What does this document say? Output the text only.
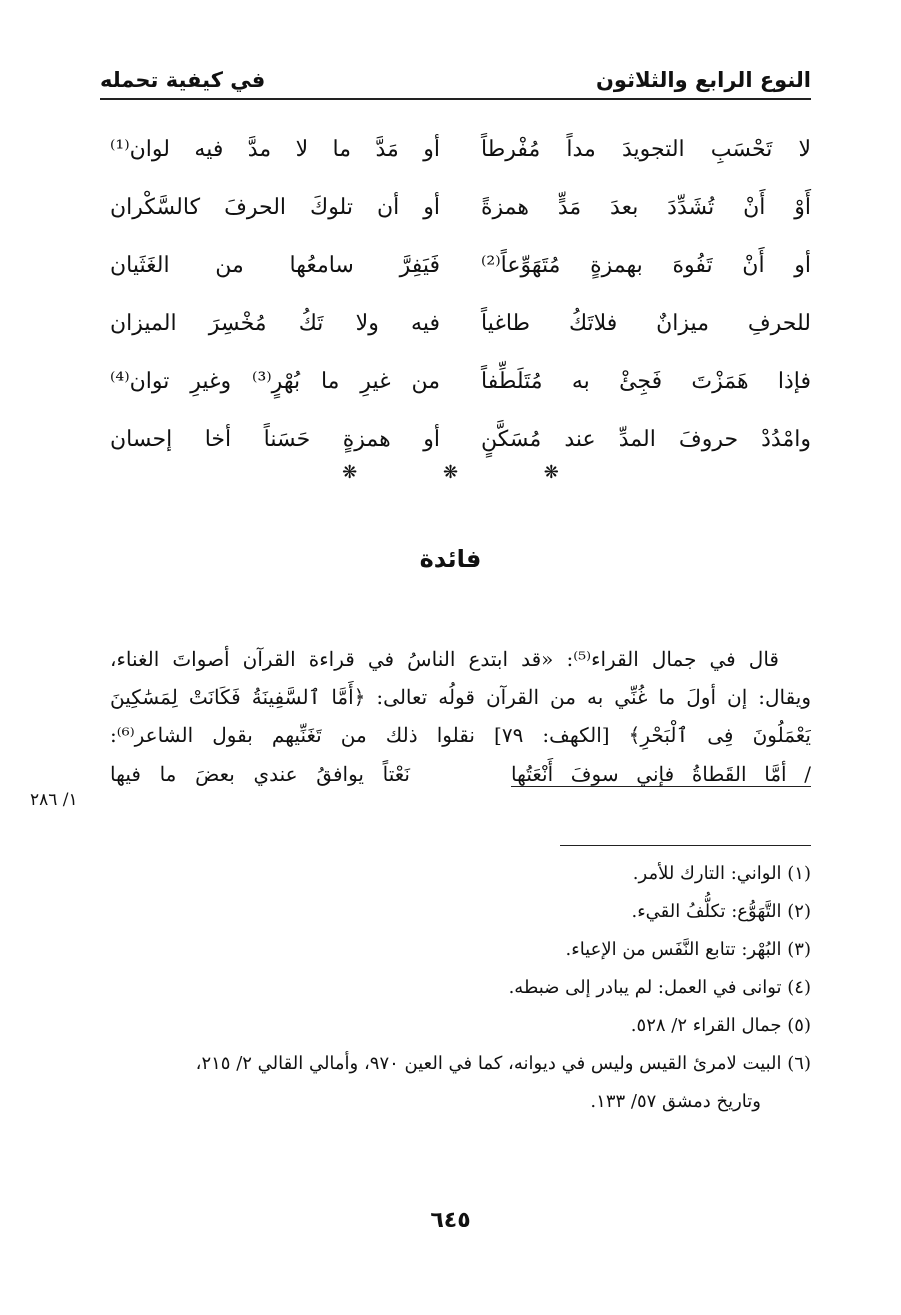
النوع الرابع والثلاثون
في كيفية تحمله
لا تَحْسَبِ التجويدَ مداً مُفْرطاً
أو مَدَّ ما لا مدَّ فيه لوان⁽¹⁾
أَوْ أَنْ تُشَدِّدَ بعدَ مَدٍّ همزةً
أو أن تلوكَ الحرفَ كالسَّكْران
أو أَنْ تَفُوهَ بهمزةٍ مُتَهَوِّعاً⁽²⁾
فَيَفِرَّ سامعُها من الغَثَيان
للحرفِ ميزانٌ فلاتَكُ طاغياً
فيه ولا تَكُ مُخْسِرَ الميزان
فإذا هَمَزْتَ فَجِئْ به مُتَلَطِّفاً
من غيرِ ما بُهْرٍ⁽³⁾ وغيرِ توان⁽⁴⁾
وامْدُدْ حروفَ المدِّ عند مُسَكَّنٍ
أو همزةٍ حَسَناً أخا إحسان
❋ ❋ ❋
فائدة
قال في جمال القراء⁽⁵⁾: «قد ابتدع الناسُ في قراءة القرآن أصواتَ الغناء،
ويقال: إن أولَ ما غُنِّي به من القرآن قولُه تعالى: ﴿أَمَّا ٱلسَّفِينَةُ فَكَانَتْ لِمَسَٰكِينَ
يَعْمَلُونَ فِى ٱلْبَحْرِ﴾ [الكهف: ٧٩] نقلوا ذلك من تَغَنِّيهم بقول الشاعر⁽⁶⁾:
/ أمَّا القَطاةُ فإني سوفَ أَنْعَتُها
نَعْتاً يوافقُ عندي بعضَ ما فيها
١/ ٢٨٦
(١) الواني: التارك للأمر.
(٢) التَّهَوُّع: تكلُّفُ القيء.
(٣) البُهْر: تتابع النَّفَس من الإعياء.
(٤) توانى في العمل: لم يبادر إلى ضبطه.
(٥) جمال القراء ٢/ ٥٢٨.
(٦) البيت لامرئ القيس وليس في ديوانه، كما في العين ٩٧٠، وأمالي القالي ٢/ ٢١٥،
وتاريخ دمشق ٥٧/ ١٣٣.
٦٤٥
